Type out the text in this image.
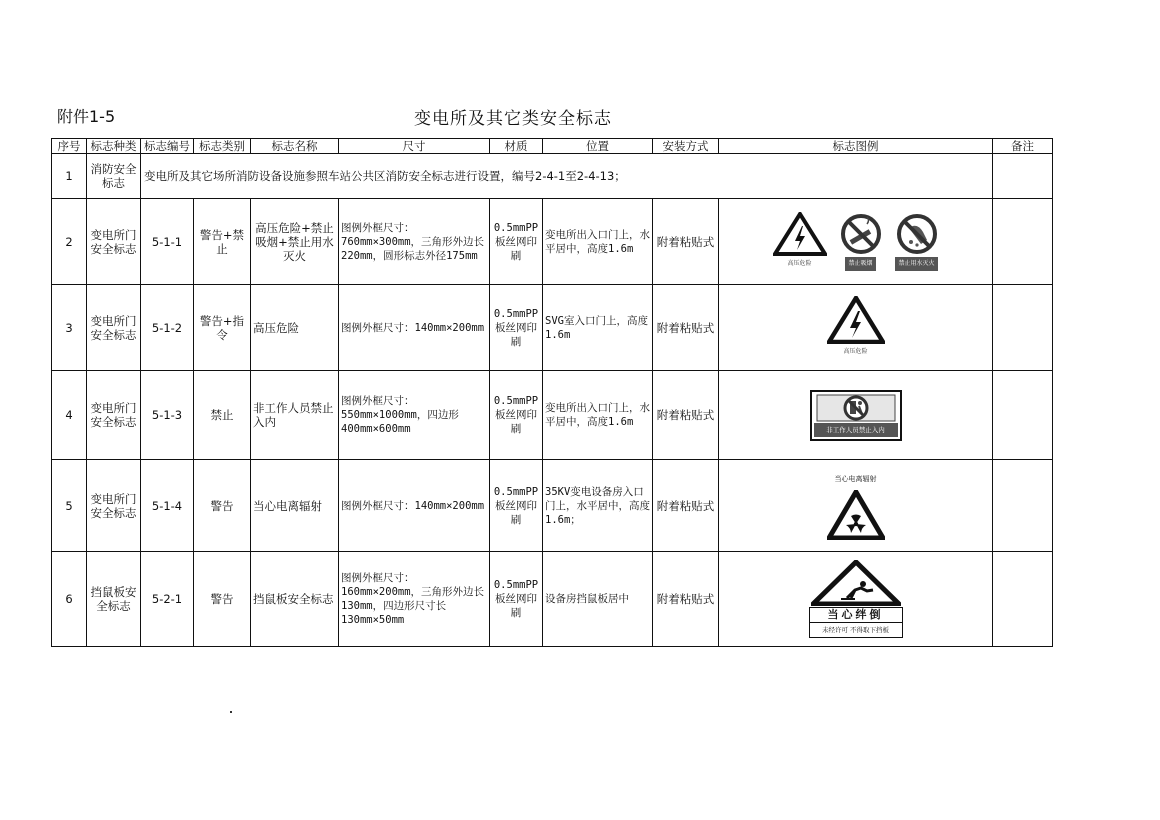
附件1-5	变电所及其它类安全标志
序号	标志种类	标志编号	标志类别	标志名称	尺寸	材质	位置	安装方式	标志图例	备注
1	消防安全标志	变电所及其它场所消防设备设施参照车站公共区消防安全标志进行设置，编号2-4-1至2-4-13；								
2	变电所门安全标志	5-1-1	警告+禁止	高压危险+禁止吸烟+禁止用水灭火	图例外框尺寸：760mm×300mm，三角形外边长220mm，圆形标志外径175mm	0.5mmPP板丝网印刷	变电所出入口门上，水平居中，高度1.6m	附着粘贴式	高压危险 禁止吸烟 禁止用水灭火	

3	变电所门安全标志	5-1-2	警告+指令	高压危险	图例外框尺寸：140mm×200mm	0.5mmPP板丝网印刷	SVG室入口门上，高度1.6m	附着粘贴式	高压危险	

4	变电所门安全标志	5-1-3	禁止	非工作人员禁止入内	图例外框尺寸：550mm×1000mm，四边形400mm×600mm	0.5mmPP板丝网印刷	变电所出入口门上，水平居中，高度1.6m	附着粘贴式	非工作人员禁止入内	

5	变电所门安全标志	5-1-4	警告	当心电离辐射	图例外框尺寸：140mm×200mm	0.5mmPP板丝网印刷	35KV变电设备房入口门上，水平居中，高度1.6m；	附着粘贴式	当心电离辐射	

6	挡鼠板安全标志	5-2-1	警告	挡鼠板安全标志	图例外框尺寸：160mm×200mm，三角形外边长130mm，四边形尺寸长130mm×50mm	0.5mmPP板丝网印刷	设备房挡鼠板居中	附着粘贴式	当心绊倒
未经许可 不得取下挡板	
